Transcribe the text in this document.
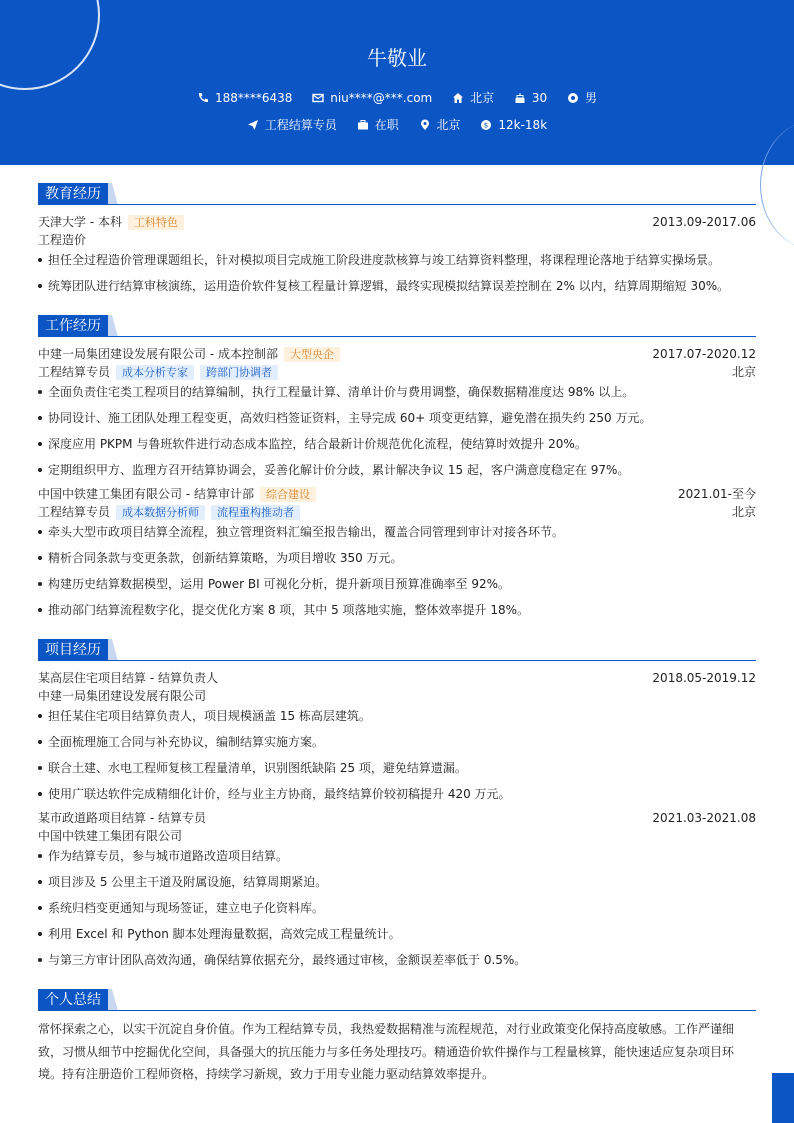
牛敬业
188****6438
	niu****@***.com
	北京
	30
	男
工程结算专员
	在职
	北京
	$ 12k-18k
教育经历
天津大学 - 本科 工科特色	2013.09-2017.06
工程造价
担任全过程造价管理课题组长，针对模拟项目完成施工阶段进度款核算与竣工结算资料整理，将课程理论落地于结算实操场景。
统筹团队进行结算审核演练，运用造价软件复核工程量计算逻辑，最终实现模拟结算误差控制在 2% 以内，结算周期缩短 30%。
工作经历
中建一局集团建设发展有限公司 - 成本控制部 大型央企	2017.07-2020.12
工程结算专员 成本分析专家 跨部门协调者	北京
全面负责住宅类工程项目的结算编制，执行工程量计算、清单计价与费用调整，确保数据精准度达 98% 以上。
协同设计、施工团队处理工程变更，高效归档签证资料，主导完成 60+ 项变更结算，避免潜在损失约 250 万元。
深度应用 PKPM 与鲁班软件进行动态成本监控，结合最新计价规范优化流程，使结算时效提升 20%。
定期组织甲方、监理方召开结算协调会，妥善化解计价分歧，累计解决争议 15 起，客户满意度稳定在 97%。
中国中铁建工集团有限公司 - 结算审计部 综合建设	2021.01-至今
工程结算专员 成本数据分析师 流程重构推动者	北京
牵头大型市政项目结算全流程，独立管理资料汇编至报告输出，覆盖合同管理到审计对接各环节。
精析合同条款与变更条款，创新结算策略，为项目增收 350 万元。
构建历史结算数据模型，运用 Power BI 可视化分析，提升新项目预算准确率至 92%。
推动部门结算流程数字化，提交优化方案 8 项，其中 5 项落地实施，整体效率提升 18%。
项目经历
某高层住宅项目结算 - 结算负责人	2018.05-2019.12
中建一局集团建设发展有限公司
担任某住宅项目结算负责人，项目规模涵盖 15 栋高层建筑。
全面梳理施工合同与补充协议，编制结算实施方案。
联合土建、水电工程师复核工程量清单，识别图纸缺陷 25 项，避免结算遗漏。
使用广联达软件完成精细化计价，经与业主方协商，最终结算价较初稿提升 420 万元。
某市政道路项目结算 - 结算专员	2021.03-2021.08
中国中铁建工集团有限公司
作为结算专员，参与城市道路改造项目结算。
项目涉及 5 公里主干道及附属设施，结算周期紧迫。
系统归档变更通知与现场签证，建立电子化资料库。
利用 Excel 和 Python 脚本处理海量数据，高效完成工程量统计。
与第三方审计团队高效沟通，确保结算依据充分，最终通过审核，金额误差率低于 0.5%。
个人总结
常怀探索之心，以实干沉淀自身价值。作为工程结算专员，我热爱数据精准与流程规范，对行业政策变化保持高度敏感。工作严谨细致，习惯从细节中挖掘优化空间，具备强大的抗压能力与多任务处理技巧。精通造价软件操作与工程量核算，能快速适应复杂项目环境。持有注册造价工程师资格，持续学习新规，致力于用专业能力驱动结算效率提升。
